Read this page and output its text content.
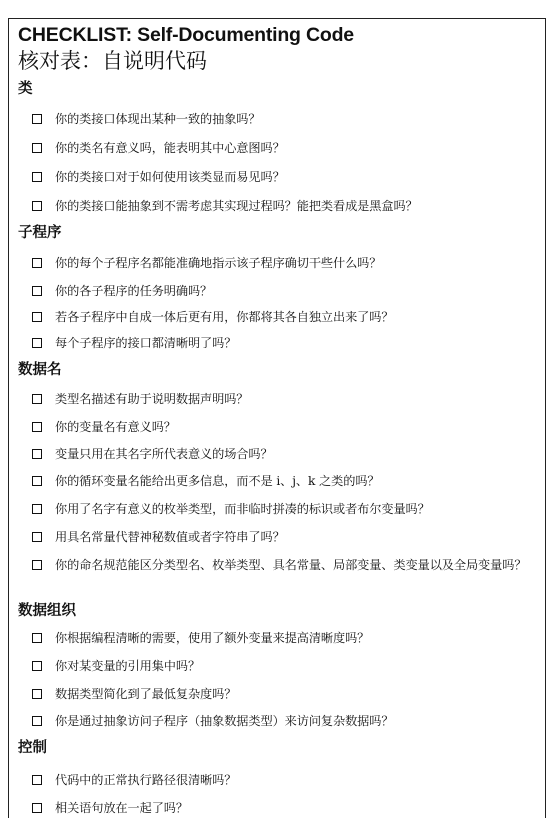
CHECKLIST: Self-Documenting Code
核对表：自说明代码
类
你的类接口体现出某种一致的抽象吗？
你的类名有意义吗，能表明其中心意图吗？
你的类接口对于如何使用该类显而易见吗？
你的类接口能抽象到不需考虑其实现过程吗？能把类看成是黑盒吗？
子程序
你的每个子程序名都能准确地指示该子程序确切干些什么吗？
你的各子程序的任务明确吗？
若各子程序中自成一体后更有用，你都将其各自独立出来了吗？
每个子程序的接口都清晰明了吗？
数据名
类型名描述有助于说明数据声明吗？
你的变量名有意义吗？
变量只用在其名字所代表意义的场合吗？
你的循环变量名能给出更多信息，而不是 i、j、k 之类的吗？
你用了名字有意义的枚举类型，而非临时拼凑的标识或者布尔变量吗？
用具名常量代替神秘数值或者字符串了吗？
你的命名规范能区分类型名、枚举类型、具名常量、局部变量、类变量以及全局变量吗？
数据组织
你根据编程清晰的需要，使用了额外变量来提高清晰度吗？
你对某变量的引用集中吗？
数据类型简化到了最低复杂度吗？
你是通过抽象访问子程序（抽象数据类型）来访问复杂数据吗？
控制
代码中的正常执行路径很清晰吗？
相关语句放在一起了吗？
